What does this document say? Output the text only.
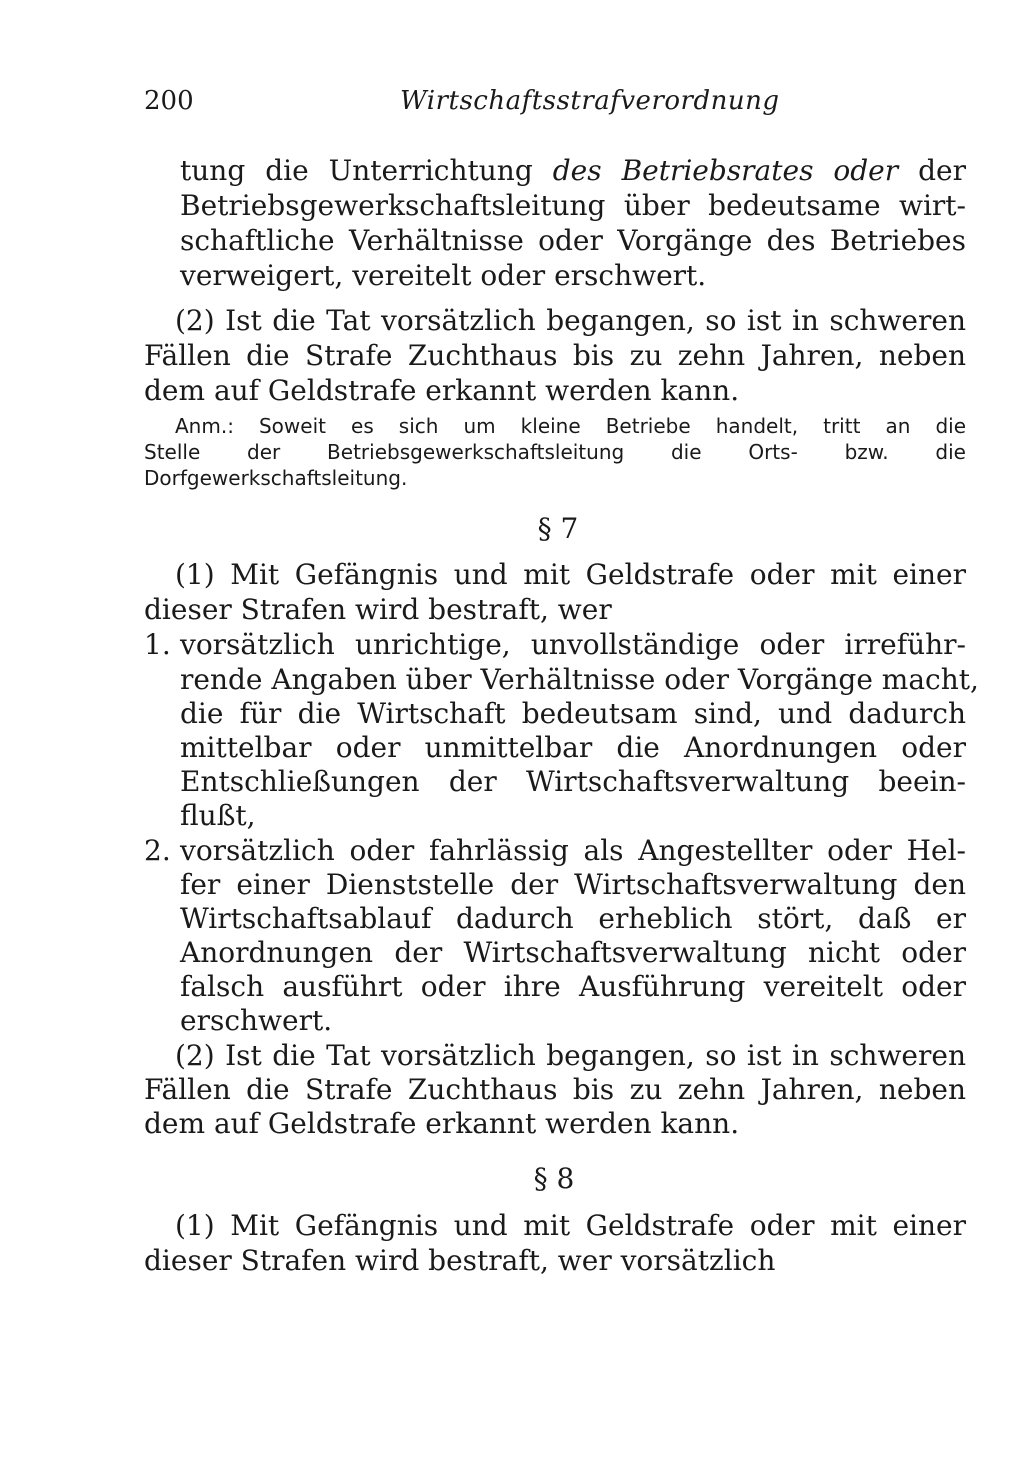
200	Wirtschaftsstrafverordnung
tung die Unterrichtung des Betriebsrates oder der
Betriebsgewerkschaftsleitung über bedeutsame wirt-
schaftliche Verhältnisse oder Vorgänge des Betriebes
verweigert, vereitelt oder erschwert.
(2) Ist die Tat vorsätzlich begangen, so ist in schweren
Fällen die Strafe Zuchthaus bis zu zehn Jahren, neben
dem auf Geldstrafe erkannt werden kann.
Anm.: Soweit es sich um kleine Betriebe handelt, tritt an die
Stelle der Betriebsgewerkschaftsleitung die Orts- bzw. die
Dorfgewerkschaftsleitung.
§ 7
(1) Mit Gefängnis und mit Geldstrafe oder mit einer
dieser Strafen wird bestraft, wer
1. vorsätzlich unrichtige, unvollständige oder irreführ-
rende Angaben über Verhältnisse oder Vorgänge macht,
die für die Wirtschaft bedeutsam sind, und dadurch
mittelbar oder unmittelbar die Anordnungen oder
Entschließungen der Wirtschaftsverwaltung beein-
flußt,
2. vorsätzlich oder fahrlässig als Angestellter oder Hel-
fer einer Dienststelle der Wirtschaftsverwaltung den
Wirtschaftsablauf dadurch erheblich stört, daß er
Anordnungen der Wirtschaftsverwaltung nicht oder
falsch ausführt oder ihre Ausführung vereitelt oder
erschwert.
(2) Ist die Tat vorsätzlich begangen, so ist in schweren
Fällen die Strafe Zuchthaus bis zu zehn Jahren, neben
dem auf Geldstrafe erkannt werden kann.
§ 8
(1) Mit Gefängnis und mit Geldstrafe oder mit einer
dieser Strafen wird bestraft, wer vorsätzlich
